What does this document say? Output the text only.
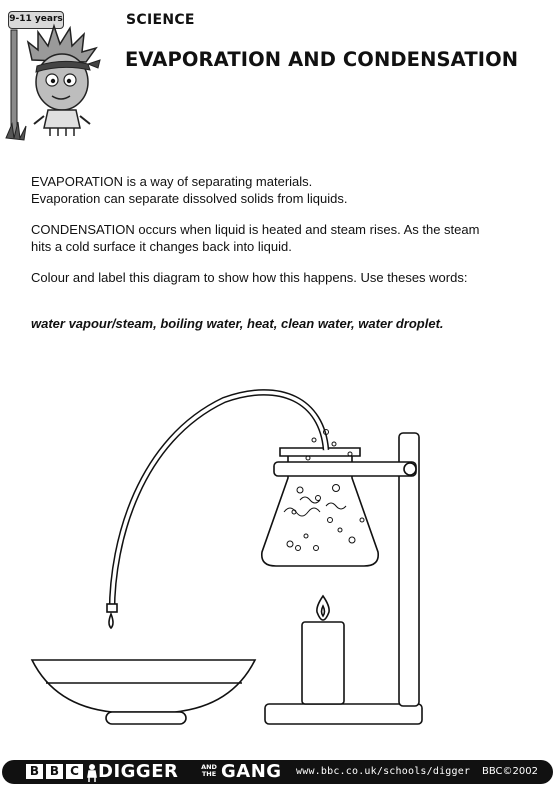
9-11 years	SCIENCE
EVAPORATION AND CONDENSATION
EVAPORATION is a way of separating materials.
Evaporation can separate dissolved solids from liquids.
CONDENSATION occurs when liquid is heated and steam rises. As the steam
hits a cold surface it changes back into liquid.
Colour and label this diagram to show how this happens. Use theses words:
water vapour/steam, boiling water, heat, clean water, water droplet.
B B C DIGGER	AND
THE GANG www.bbc.co.uk/schools/digger BBC©2002
